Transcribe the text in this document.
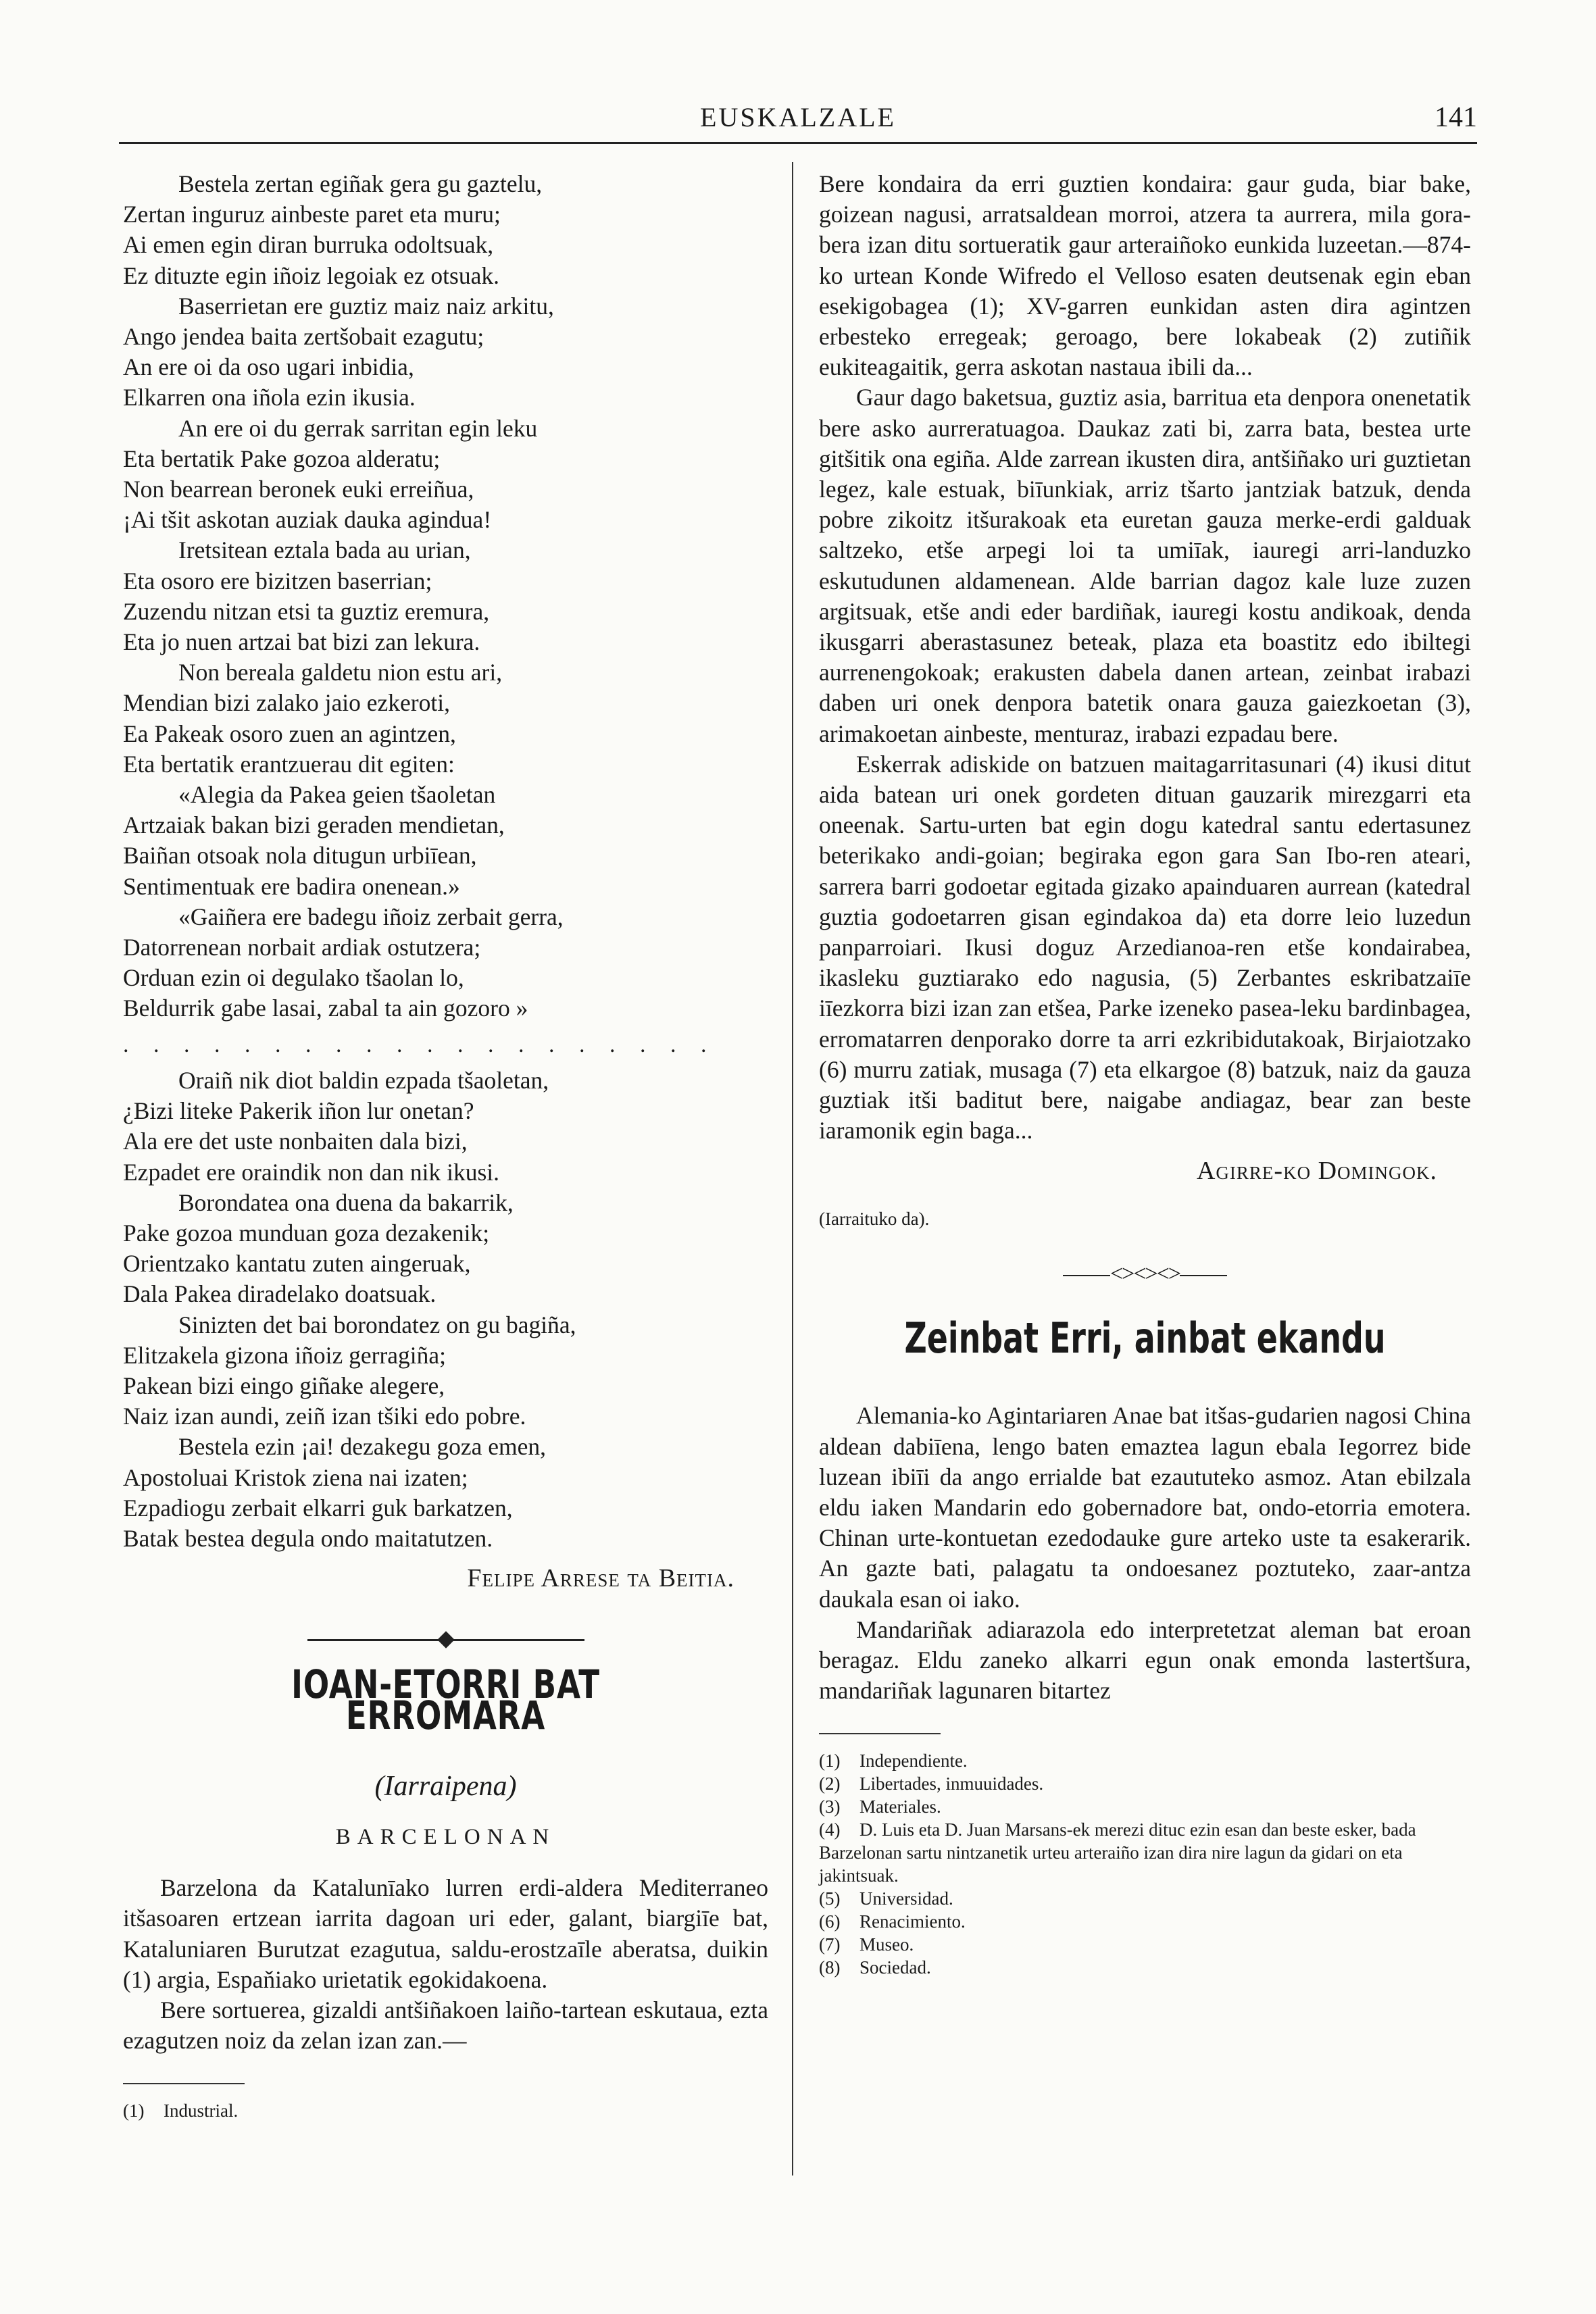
EUSKALZALE	141
Bestela zertan egiñak gera gu gaztelu,
Zertan inguruz ainbeste paret eta muru;
Ai emen egin diran burruka odoltsuak,
Ez dituzte egin iñoiz legoiak ez otsuak.
Baserrietan ere guztiz maiz naiz arkitu,
Ango jendea baita zertšobait ezagutu;
An ere oi da oso ugari inbidia,
Elkarren ona iñola ezin ikusia.
An ere oi du gerrak sarritan egin leku
Eta bertatik Pake gozoa alderatu;
Non bearrean beronek euki erreiñua,
¡Ai tšit askotan auziak dauka agindua!
Iretsitean eztala bada au urian,
Eta osoro ere bizitzen baserrian;
Zuzendu nitzan etsi ta guztiz eremura,
Eta jo nuen artzai bat bizi zan lekura.
Non bereala galdetu nion estu ari,
Mendian bizi zalako jaio ezkeroti,
Ea Pakeak osoro zuen an agintzen,
Eta bertatik erantzuerau dit egiten:
«Alegia da Pakea geien tšaoletan
Artzaiak bakan bizi geraden mendietan,
Baiñan otsoak nola ditugun urbiīean,
Sentimentuak ere badira onenean.»
«Gaiñera ere badegu iñoiz zerbait gerra,
Datorrenean norbait ardiak ostutzera;
Orduan ezin oi degulako tšaolan lo,
Beldurrik gabe lasai, zabal ta ain gozoro »
. . . . . . . . . . . . . . . . . . . .
Oraiñ nik diot baldin ezpada tšaoletan,
¿Bizi liteke Pakerik iñon lur onetan?
Ala ere det uste nonbaiten dala bizi,
Ezpadet ere oraindik non dan nik ikusi.
Borondatea ona duena da bakarrik,
Pake gozoa munduan goza dezakenik;
Orientzako kantatu zuten aingeruak,
Dala Pakea diradelako doatsuak.
Sinizten det bai borondatez on gu bagiña,
Elitzakela gizona iñoiz gerragiña;
Pakean bizi eingo giñake alegere,
Naiz izan aundi, zeiñ izan tšiki edo pobre.
Bestela ezin ¡ai! dezakegu goza emen,
Apostoluai Kristok ziena nai izaten;
Ezpadiogu zerbait elkarri guk barkatzen,
Batak bestea degula ondo maitatutzen.
Felipe Arrese ta Beitia.
IOAN-ETORRI BAT ERROMARA
(Iarraipena)
BARCELONAN

Barzelona da Katalunīako lurren erdi-aldera Mediterraneo itšasoaren ertzean iarrita dagoan uri eder, galant, biargiīe bat, Kataluniaren Burutzat ezagutua, saldu-erostzaīle aberatsa, duikin (1) argia, Espaňiako urietatik egokidakoena.

Bere sortuerea, gizaldi antšiñakoen laiño-tartean eskutaua, ezta ezagutzen noiz da zelan izan zan.—

(1) Industrial.

Bere kondaira da erri guztien kondaira: gaur guda, biar bake, goizean nagusi, arratsaldean morroi, atzera ta aurrera, mila gora-bera izan ditu sortueratik gaur arteraiñoko eunkida luzeetan.—874-ko urtean Konde Wifredo el Velloso esaten deutsenak egin eban esekigobagea (1); XV-garren eunkidan asten dira agintzen erbesteko erregeak; geroago, bere lokabeak (2) zutiñik eukiteagaitik, gerra askotan nastaua ibili da...

Gaur dago baketsua, guztiz asia, barritua eta denpora onenetatik bere asko aurreratuagoa. Daukaz zati bi, zarra bata, bestea urte gitšitik ona egiña. Alde zarrean ikusten dira, antšiñako uri guztietan legez, kale estuak, biīunkiak, arriz tšarto jantziak batzuk, denda pobre zikoitz itšurakoak eta euretan gauza merke-erdi galduak saltzeko, etše arpegi loi ta umiīak, iauregi arri-landuzko eskutudunen aldamenean. Alde barrian dagoz kale luze zuzen argitsuak, etše andi eder bardiñak, iauregi kostu andikoak, denda ikusgarri aberastasunez beteak, plaza eta boastitz edo ibiltegi aurrenengokoak; erakusten dabela danen artean, zeinbat irabazi daben uri onek denpora batetik onara gauza gaiezkoetan (3), arimakoetan ainbeste, menturaz, irabazi ezpadau bere.

Eskerrak adiskide on batzuen maitagarritasunari (4) ikusi ditut aida batean uri onek gordeten dituan gauzarik mirezgarri eta oneenak. Sartu-urten bat egin dogu katedral santu edertasunez beterikako andi-goian; begiraka egon gara San Ibo-ren ateari, sarrera barri godoetar egitada gizako apainduaren aurrean (katedral guztia godoetarren gisan egindakoa da) eta dorre leio luzedun panparroiari. Ikusi doguz Arzedianoa-ren etše kondairabea, ikasleku guztiarako edo nagusia, (5) Zerbantes eskribatzaiīe iīezkorra bizi izan zan etšea, Parke izeneko pasea-leku bardinbagea, erromatarren denporako dorre ta arri ezkribidutakoak, Birjaiotzako (6) murru zatiak, musaga (7) eta elkargoe (8) batzuk, naiz da gauza guztiak itši baditut bere, naigabe andiagaz, bear zan beste iaramonik egin baga...

Agirre-ko Domingok.
(Iarraituko da).
<><><>
Zeinbat Erri, ainbat ekandu

Alemania-ko Agintariaren Anae bat itšas-gudarien nagosi China aldean dabiīena, lengo baten emaztea lagun ebala Iegorrez bide luzean ibiīi da ango errialde bat ezaututeko asmoz. Atan ebilzala eldu iaken Mandarin edo gobernadore bat, ondo-etorria emotera. Chinan urte-kontuetan ezedodauke gure arteko uste ta esakerarik. An gazte bati, palagatu ta ondoesanez poztuteko, zaar-antza daukala esan oi iako.

Mandariñak adiarazola edo interpretetzat aleman bat eroan beragaz. Eldu zaneko alkarri egun onak emonda lastertšura, mandariñak lagunaren bitartez

(1) Independiente.
(2) Libertades, inmuuidades.
(3) Materiales.
(4) D. Luis eta D. Juan Marsans-ek merezi dituc ezin esan dan beste esker, bada Barzelonan sartu nintzanetik urteu arteraiño izan dira nire lagun da gidari on eta jakintsuak.
(5) Universidad.
(6) Renacimiento.
(7) Museo.
(8) Sociedad.
